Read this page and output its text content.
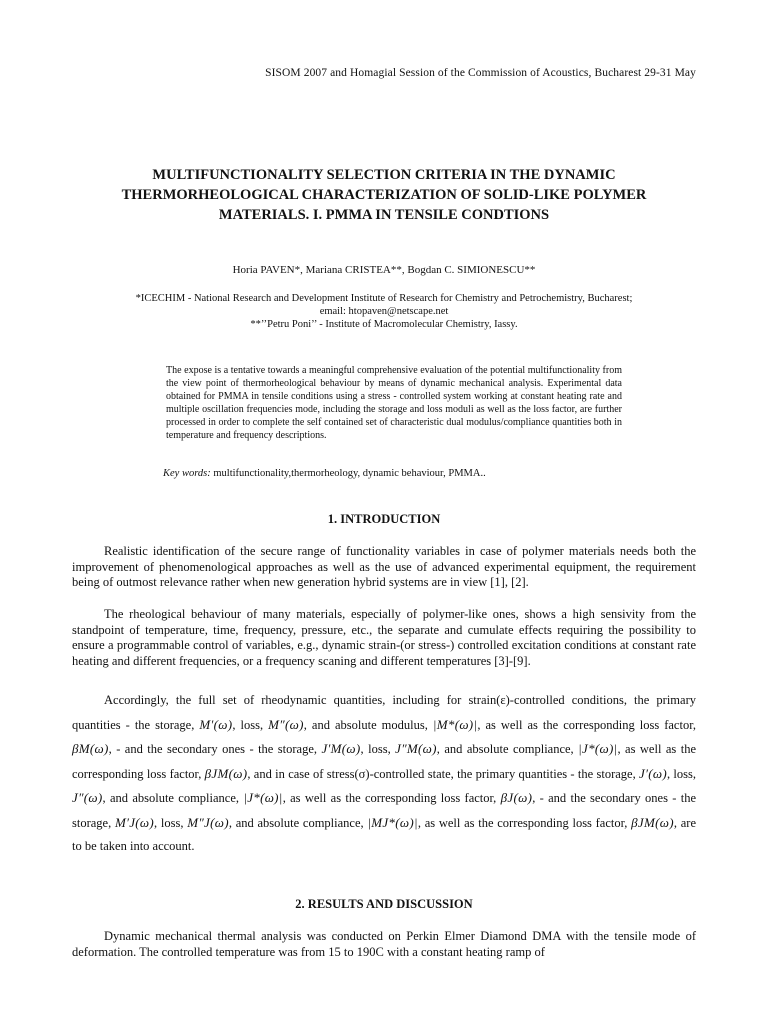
SISOM 2007 and Homagial Session of the Commission of Acoustics, Bucharest 29-31 May
MULTIFUNCTIONALITY SELECTION CRITERIA IN THE DYNAMIC
THERMORHEOLOGICAL CHARACTERIZATION OF SOLID-LIKE POLYMER
MATERIALS. I. PMMA IN TENSILE CONDTIONS
Horia PAVEN*, Mariana CRISTEA**, Bogdan C. SIMIONESCU**
*ICECHIM - National Research and Development Institute of Research for Chemistry and Petrochemistry, Bucharest;
email: htopaven@netscape.net
**’’Petru Poni’’ - Institute of Macromolecular Chemistry, Iassy.
The expose is a tentative towards a meaningful comprehensive evaluation of the potential multifunctionality from the view point of thermorheological behaviour by means of dynamic mechanical analysis. Experimental data obtained for PMMA in tensile conditions using a stress - controlled system working at constant heating rate and multiple oscillation frequencies mode, including the storage and loss moduli as well as the loss factor, are further processed in order to complete the self contained set of characteristic dual modulus/compliance quantities both in temperature and frequency descriptions.
Key words: multifunctionality,thermorheology, dynamic behaviour, PMMA..
1. INTRODUCTION
Realistic identification of the secure range of functionality variables in case of polymer materials needs both the improvement of phenomenological approaches as well as the use of advanced experimental equipment, the requirement being of outmost relevance rather when new generation hybrid systems are in view [1], [2].
The rheological behaviour of many materials, especially of polymer-like ones, shows a high sensivity from the standpoint of temperature, time, frequency, pressure, etc., the separate and cumulate effects requiring the possibility to ensure a programmable control of variables, e.g., dynamic strain-(or stress-) controlled excitation conditions at constant rate heating and different frequencies, or a frequency scaning and different temperatures [3]-[9].
Accordingly, the full set of rheodynamic quantities, including for strain(ε)-controlled conditions, the primary quantities - the storage, M′(ω), loss, M″(ω), and absolute modulus, |M*(ω)|, as well as the corresponding loss factor, βM(ω), - and the secondary ones - the storage, J′M(ω), loss, J″M(ω), and absolute compliance, |J*(ω)|, as well as the corresponding loss factor, βJM(ω), and in case of stress(σ)-controlled state, the primary quantities - the storage, J′(ω), loss, J″(ω), and absolute compliance, |J*(ω)|, as well as the corresponding loss factor, βJ(ω), - and the secondary ones - the storage, M′J(ω), loss, M″J(ω), and absolute compliance, |MJ*(ω)|, as well as the corresponding loss factor, βJM(ω), are to be taken into account.
2. RESULTS AND DISCUSSION
Dynamic mechanical thermal analysis was conducted on Perkin Elmer Diamond DMA with the tensile mode of deformation. The controlled temperature was from 15 to 190C with a constant heating ramp of
